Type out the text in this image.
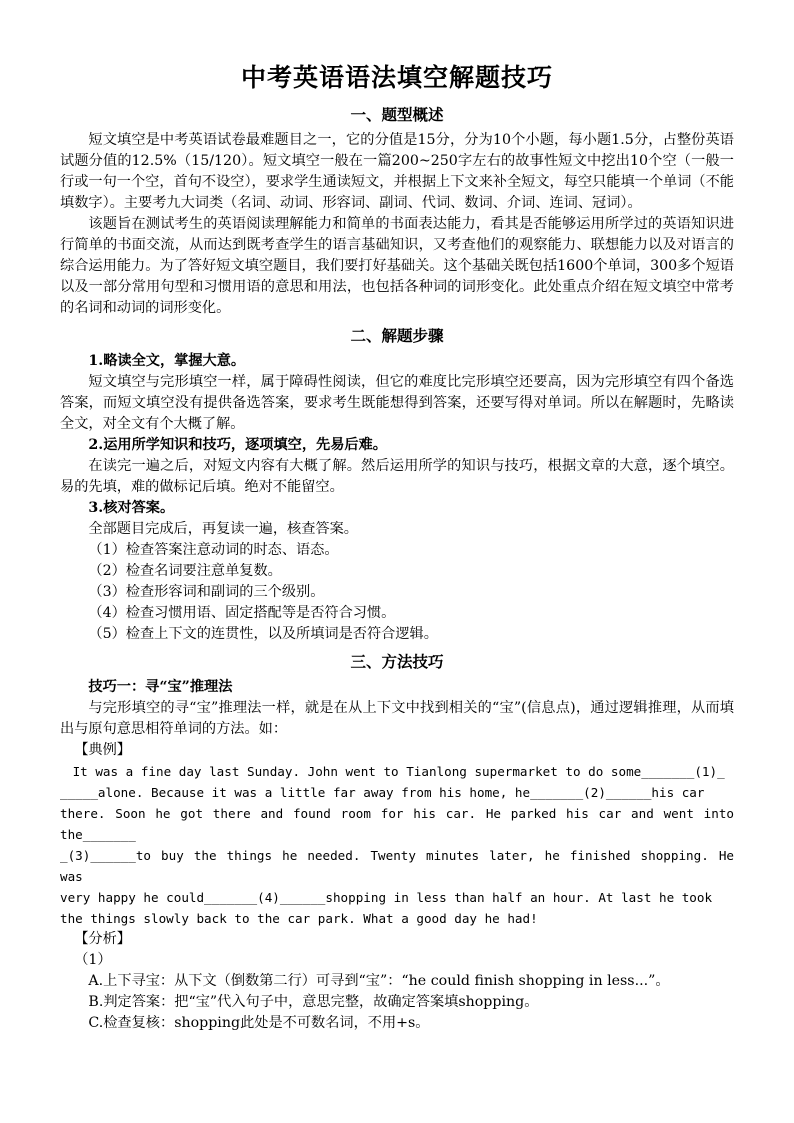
中考英语语法填空解题技巧
一、题型概述

短文填空是中考英语试卷最难题目之一，它的分值是15分，分为10个小题，每小题1.5分，占整份英语试题分值的12.5%（15/120）。短文填空一般在一篇200~250字左右的故事性短文中挖出10个空（一般一行或一句一个空，首句不设空），要求学生通读短文，并根据上下文来补全短文，每空只能填一个单词（不能填数字）。主要考九大词类（名词、动词、形容词、副词、代词、数词、介词、连词、冠词）。

该题旨在测试考生的英语阅读理解能力和简单的书面表达能力，看其是否能够运用所学过的英语知识进行简单的书面交流，从而达到既考查学生的语言基础知识，又考查他们的观察能力、联想能力以及对语言的综合运用能力。为了答好短文填空题目，我们要打好基础关。这个基础关既包括1600个单词，300多个短语以及一部分常用句型和习惯用语的意思和用法，也包括各种词的词形变化。此处重点介绍在短文填空中常考的名词和动词的词形变化。

二、解题步骤

1.略读全文，掌握大意。

短文填空与完形填空一样，属于障碍性阅读，但它的难度比完形填空还要高，因为完形填空有四个备选答案，而短文填空没有提供备选答案，要求考生既能想得到答案，还要写得对单词。所以在解题时，先略读全文，对全文有个大概了解。

2.运用所学知识和技巧，逐项填空，先易后难。

在读完一遍之后，对短文内容有大概了解。然后运用所学的知识与技巧，根据文章的大意，逐个填空。易的先填，难的做标记后填。绝对不能留空。

3.核对答案。

全部题目完成后，再复读一遍，核查答案。

（1）检查答案注意动词的时态、语态。

（2）检查名词要注意单复数。

（3）检查形容词和副词的三个级别。

（4）检查习惯用语、固定搭配等是否符合习惯。

（5）检查上下文的连贯性，以及所填词是否符合逻辑。

三、方法技巧

技巧一：寻“宝”推理法

与完形填空的寻“宝”推理法一样，就是在从上下文中找到相关的“宝”(信息点)，通过逻辑推理，从而填出与原句意思相符单词的方法。如：

【典例】

It was a fine day last Sunday. John went to Tianlong supermarket to do some_______(1)_

_____alone. Because it was a little far away from his home, he_______(2)______his car

there. Soon he got there and found room for his car. He parked his car and went into the_______

_(3)______to buy the things he needed. Twenty minutes later, he finished shopping. He was

very happy he could_______(4)______shopping in less than half an hour. At last he took

the things slowly back to the car park. What a good day he had!

【分析】

（1）

A.上下寻宝：从下文（倒数第二行）可寻到“宝”：“he could finish shopping in less...”。

B.判定答案：把“宝”代入句子中，意思完整，故确定答案填shopping。

C.检查复核：shopping此处是不可数名词，不用+s。
